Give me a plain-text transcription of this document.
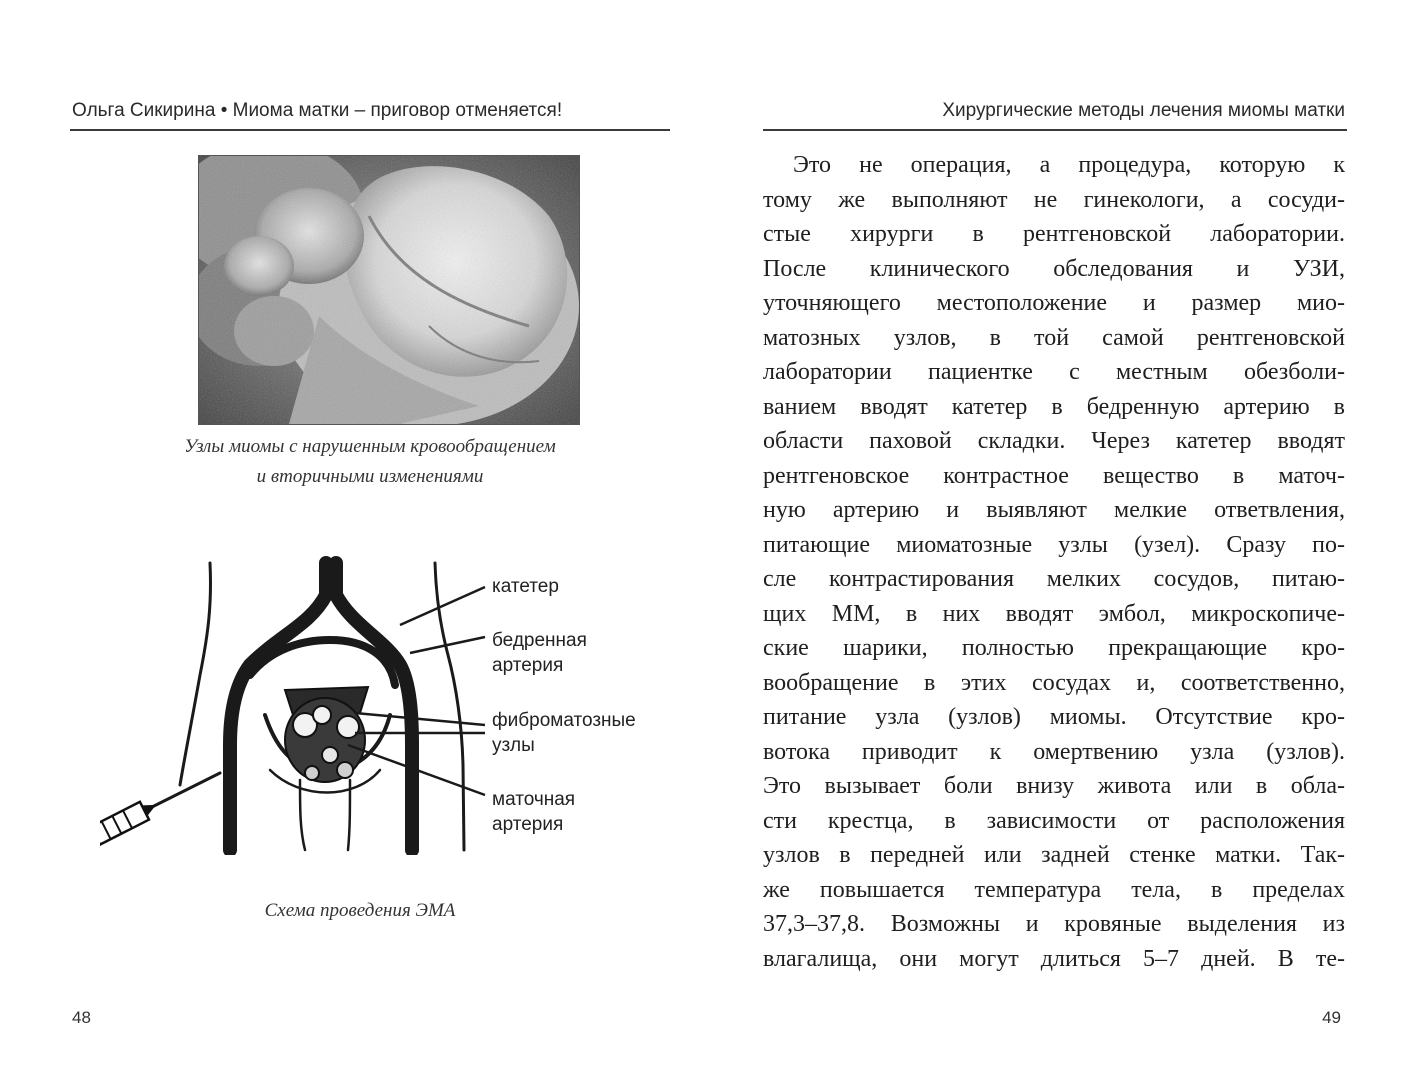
Ольга Сикирина • Миома матки – приговор отменяется!
Узлы миомы с нарушенным кровообращением
и вторичными изменениями
катетер
бедренная
артерия
фиброматозные
узлы
маточная
артерия
Схема проведения ЭМА
48
Хирургические методы лечения миомы матки
Это не операция, а процедура, которую к
тому же выполняют не гинекологи, а сосуди-
стые хирурги в рентгеновской лаборатории.
После клинического обследования и УЗИ,
уточняющего местоположение и размер мио-
матозных узлов, в той самой рентгеновской
лаборатории пациентке с местным обезболи-
ванием вводят катетер в бедренную артерию в
области паховой складки. Через катетер вводят
рентгеновское контрастное вещество в маточ-
ную артерию и выявляют мелкие ответвления,
питающие миоматозные узлы (узел). Сразу по-
сле контрастирования мелких сосудов, питаю-
щих ММ, в них вводят эмбол, микроскопиче-
ские шарики, полностью прекращающие кро-
вообращение в этих сосудах и, соответственно,
питание узла (узлов) миомы. Отсутствие кро-
вотока приводит к омертвению узла (узлов).
Это вызывает боли внизу живота или в обла-
сти крестца, в зависимости от расположения
узлов в передней или задней стенке матки. Так-
же повышается температура тела, в пределах
37,3–37,8. Возможны и кровяные выделения из
влагалища, они могут длиться 5–7 дней. В те-
49
